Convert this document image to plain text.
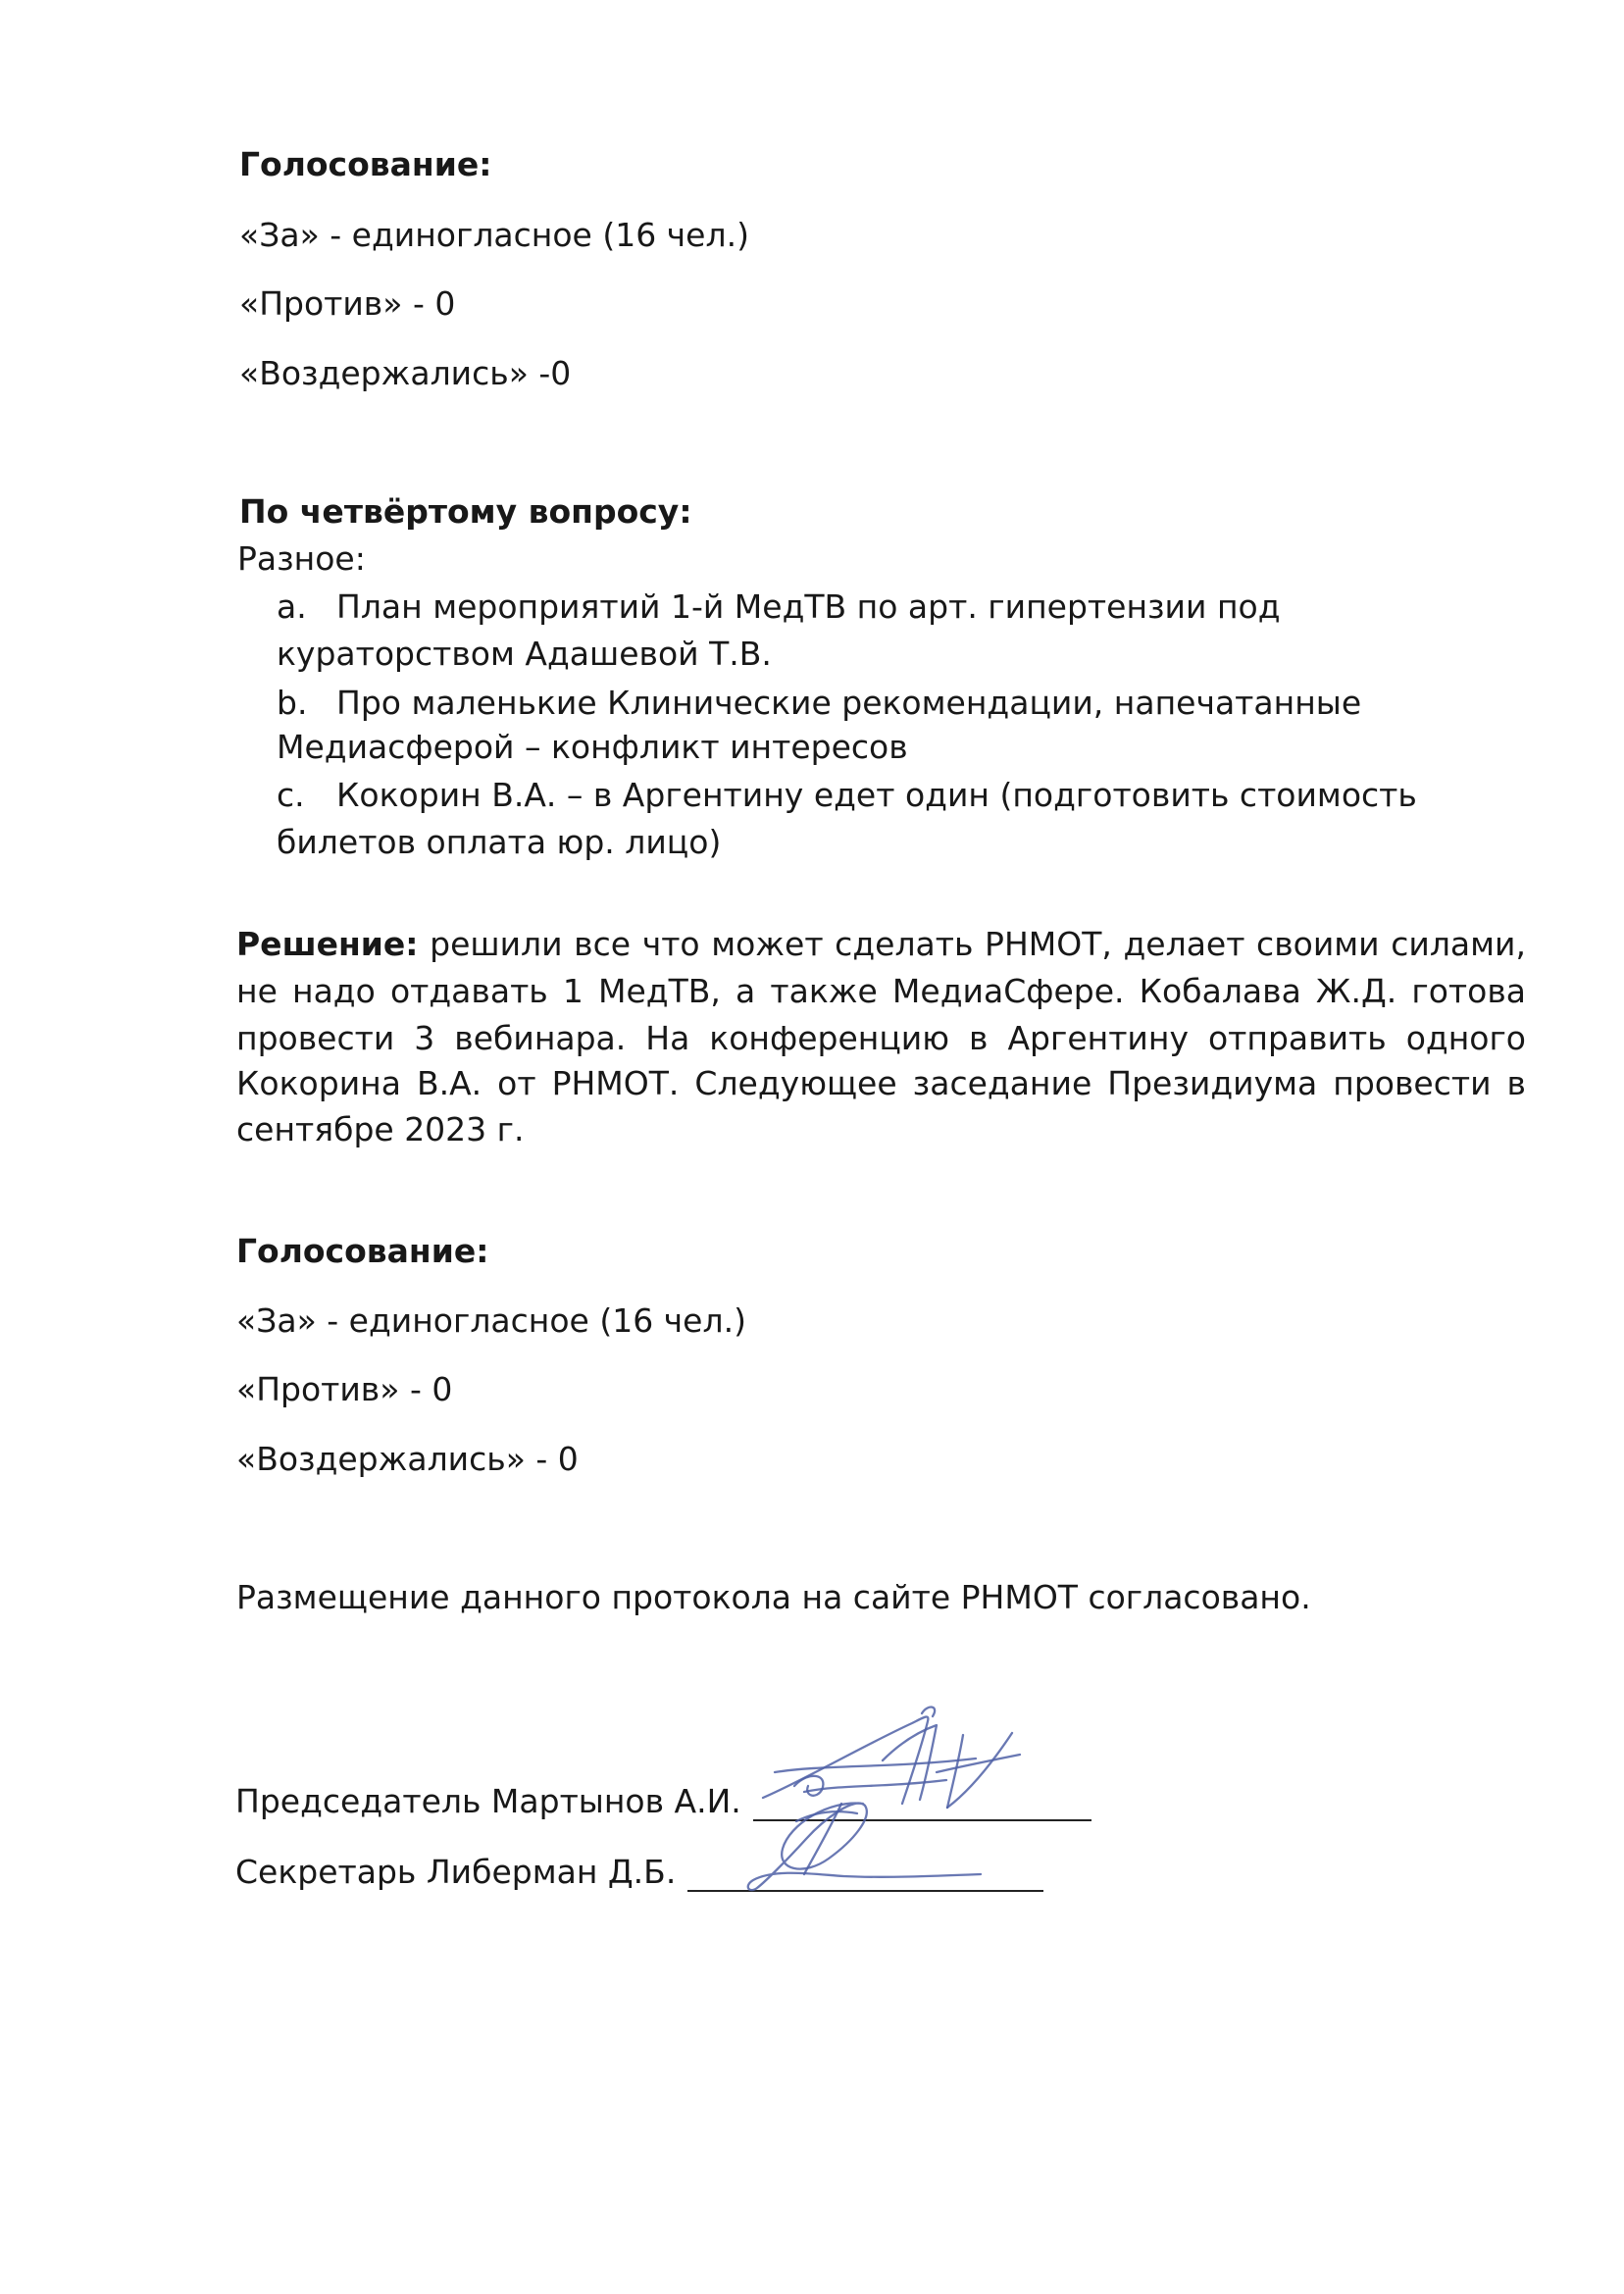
Голосование:
«За» - единогласное (16 чел.)
«Против» - 0
«Воздержались» -0
По четвёртому вопросу:
Разное:
a. План мероприятий 1-й МедТВ по арт. гипертензии под
кураторством Адашевой Т.В.
b. Про маленькие Клинические рекомендации, напечатанные
Медиасферой – конфликт интересов
c. Кокорин В.А. – в Аргентину едет один (подготовить стоимость
билетов оплата юр. лицо)
Решение: решили все что может сделать РНМОТ, делает своими силами,
не надо отдавать 1 МедТВ, а также МедиаСфере. Кобалава Ж.Д. готова
провести 3 вебинара. На конференцию в Аргентину отправить одного
Кокорина В.А. от РНМОТ. Следующее заседание Президиума провести в
сентябре 2023 г.
Голосование:
«За» - единогласное (16 чел.)
«Против» - 0
«Воздержались» - 0
Размещение данного протокола на сайте РНМОТ согласовано.
Председатель Мартынов А.И.
Секретарь Либерман Д.Б.
